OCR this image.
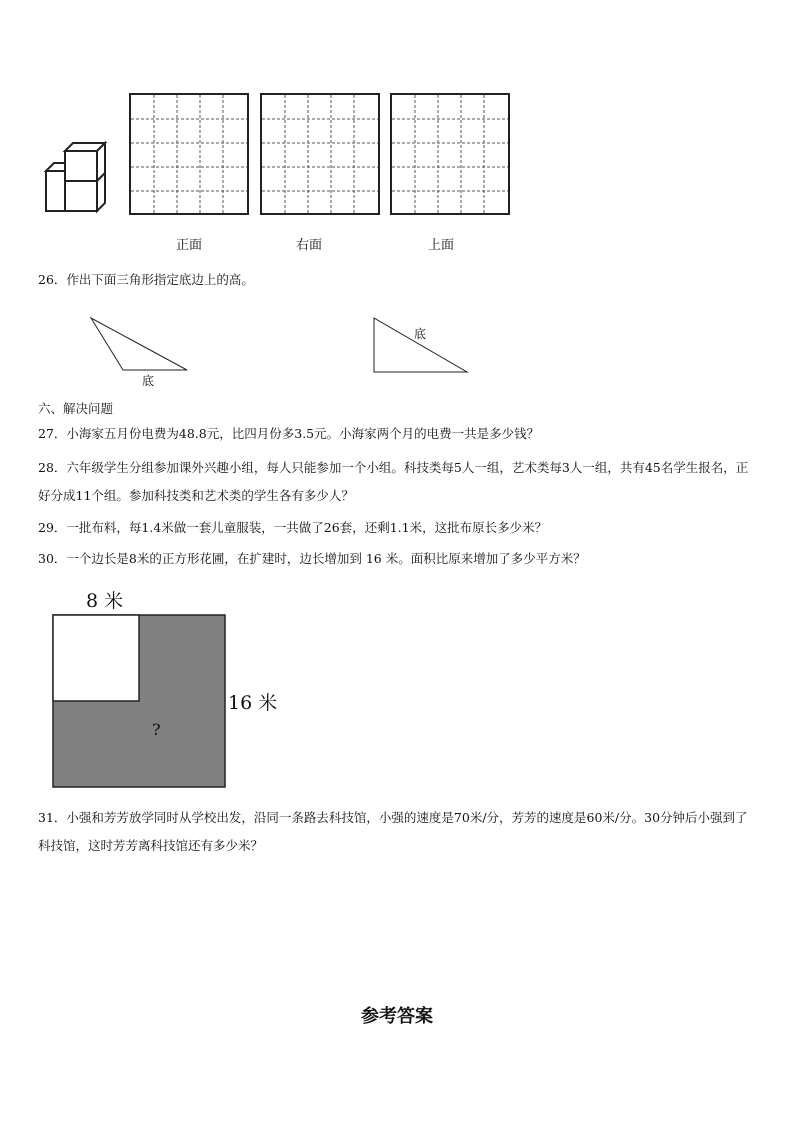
正面	右面	上面
26．作出下面三角形指定底边上的高。
底
底
六、解决问题
27．小海家五月份电费为48.8元，比四月份多3.5元。小海家两个月的电费一共是多少钱？
28．六年级学生分组参加课外兴趣小组，每人只能参加一个小组。科技类每5人一组，艺术类每3人一组，共有45名学生报名，正好分成11个组。参加科技类和艺术类的学生各有多少人？
29．一批布料，每1.4米做一套儿童服装，一共做了26套，还剩1.1米，这批布原长多少米？
30．一个边长是8米的正方形花圃，在扩建时，边长增加到 16 米。面积比原来增加了多少平方米？
8 米
16 米
?
31．小强和芳芳放学同时从学校出发，沿同一条路去科技馆，小强的速度是70米/分，芳芳的速度是60米/分。30分钟后小强到了科技馆，这时芳芳离科技馆还有多少米？
参考答案
